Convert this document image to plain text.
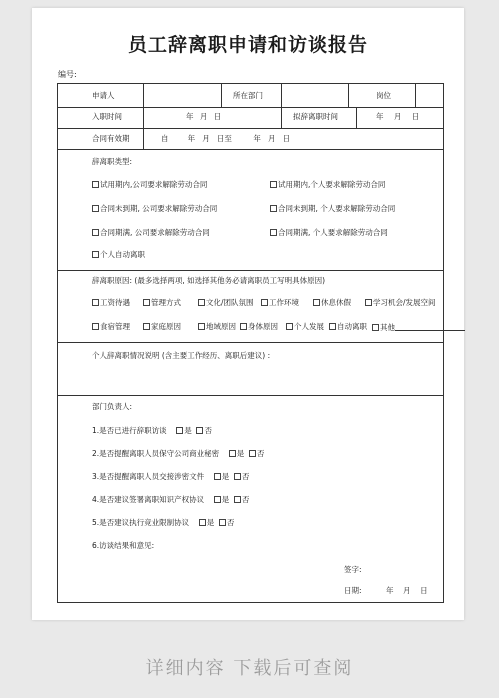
员工辞离职申请和访谈报告
编号:
申请人	所在部门	岗位
入职时间	年 月 日	拟辞离职时间	年 月 日
合同有效期	自        年   月   日至         年   月   日
辞离职类型:
试用期内,公司要求解除劳动合同	试用期内,个人要求解除劳动合同
合同未到期, 公司要求解除劳动合同	合同未到期, 个人要求解除劳动合同
合同期满, 公司要求解除劳动合同	合同期满, 个人要求解除劳动合同
个人自动离职
辞离职原因: (最多选择两项, 如选择其他务必请离职员工写明具体原因)
工资待遇	管理方式	文化/团队氛围	工作环境	休息休假	学习机会/发展空间
食宿管理	家庭原因	地域原因	身体原因	个人发展	自动离职	其他
个人辞离职情况说明 (含主要工作经历、离职后建议) :
部门负责人:
1.是否已进行辞职访谈 是 否
2.是否提醒离职人员保守公司商业秘密 是 否
3.是否提醒离职人员交接涉密文件 是 否
4.是否建议签署离职知识产权协议 是 否
5.是否建议执行竞业限制协议 是 否
6.访谈结果和意见:
签字:
日期:	年    月    日
详细内容 下载后可查阅
